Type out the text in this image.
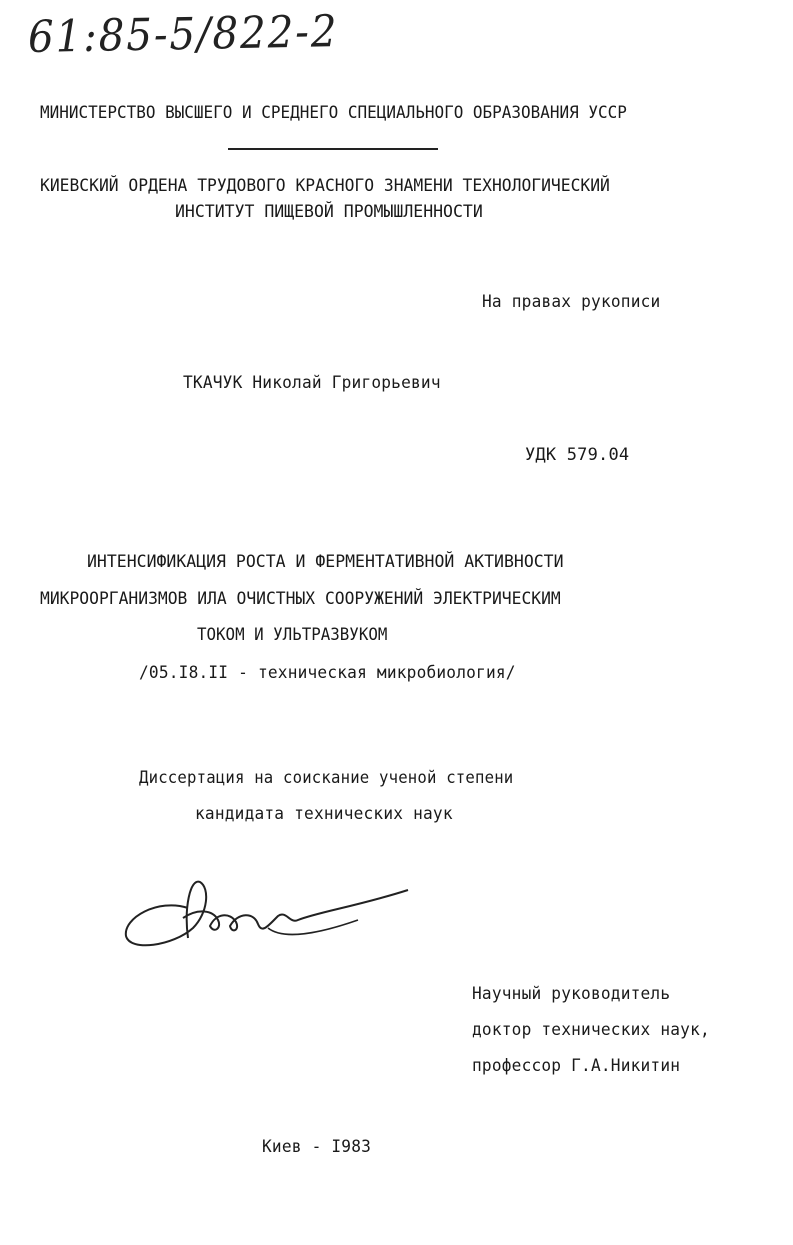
61:85-5/822-2
МИНИСТЕРСТВО ВЫСШЕГО И СРЕДНЕГО СПЕЦИАЛЬНОГО ОБРАЗОВАНИЯ УССР
КИЕВСКИЙ ОРДЕНА ТРУДОВОГО КРАСНОГО ЗНАМЕНИ ТЕХНОЛОГИЧЕСКИЙ
ИНСТИТУТ ПИЩЕВОЙ ПРОМЫШЛЕННОСТИ
На правах рукописи
ТКАЧУК Николай Григорьевич
УДК 579.04
ИНТЕНСИФИКАЦИЯ РОСТА И ФЕРМЕНТАТИВНОЙ АКТИВНОСТИ
МИКРООРГАНИЗМОВ ИЛА ОЧИСТНЫХ СООРУЖЕНИЙ ЭЛЕКТРИЧЕСКИМ
ТОКОМ И УЛЬТРАЗВУКОМ
/05.I8.II - техническая микробиология/
Диссертация на соискание ученой степени
кандидата технических наук
Научный руководитель
доктор технических наук,
профессор Г.А.Никитин
Киев - I983
